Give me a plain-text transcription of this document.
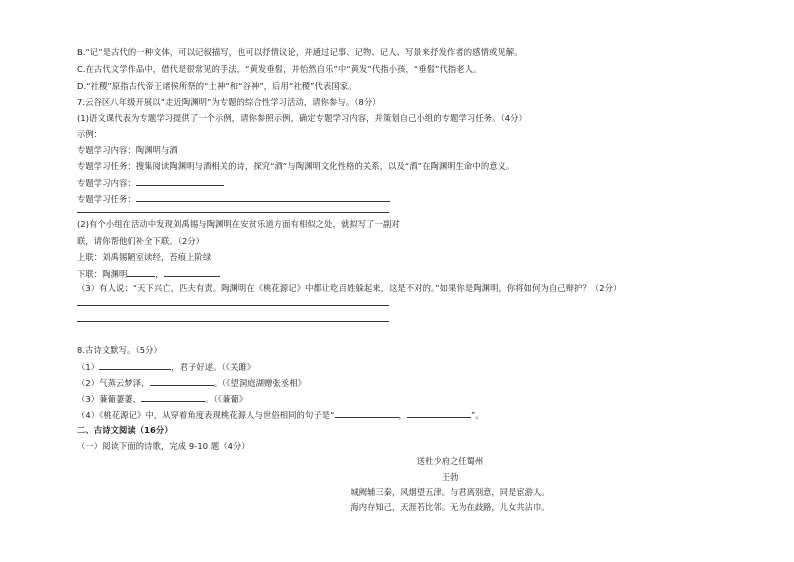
B.“记”是古代的一种文体，可以记叙描写，也可以抒情议论，并通过记事、记物、记人、写景来抒发作者的感情或见解。
C.在古代文学作品中，借代是很常见的手法，“黄发垂髫，并怡然自乐”中“黄发”代指小孩，“垂髫”代指老人。
D.“社稷”原指古代帝王诸侯所祭的“土神”和“谷神”，后用“社稷”代表国家。
7.云谷区八年级开展以“走近陶渊明”为专题的综合性学习活动，请你参与。（8分）
(1)语文课代表为专题学习提供了一个示例，请你参照示例，确定专题学习内容，并策划自己小组的专题学习任务。（4分）
示例：
专题学习内容：陶渊明与酒
专题学习任务：搜集阅读陶渊明与酒相关的诗，探究“酒”与陶渊明文化性格的关系，以及“酒”在陶渊明生命中的意义。
专题学习内容：
专题学习任务：
(2)有个小组在活动中发现刘禹锡与陶渊明在安贫乐道方面有相似之处，就拟写了一副对
联，请你帮他们补全下联。（2分）
上联：刘禹锡陋室读经，苔痕上阶绿
下联：陶渊明	，
（3）有人说：“天下兴亡，匹夫有责。陶渊明在《桃花源记》中都让吃百姓躲起来，这是不对的。”如果你是陶渊明，你将如何为自己辩护？（2分）
8.古诗文默写。（5分）
（1）	，君子好逑。（《关雎》
（2）气蒸云梦泽，	。（《望洞庭湖赠张丞相》
（3）蒹葡萋萋，	。（《蒹葡》
（4）《桃花源记》中，从穿着角度表现桃花源人与世俗相同的句子是“	，	”。
二、古诗文阅读（16分）
（一）阅读下面的诗歌，完成 9-10 题（4分）
送杜少府之任蜀州
王勃
城阙辅三秦，风烟望五津。与君离别意，同是宦游人。
海内存知己，天涯若比邻。无为在歧路，儿女共沾巾。
